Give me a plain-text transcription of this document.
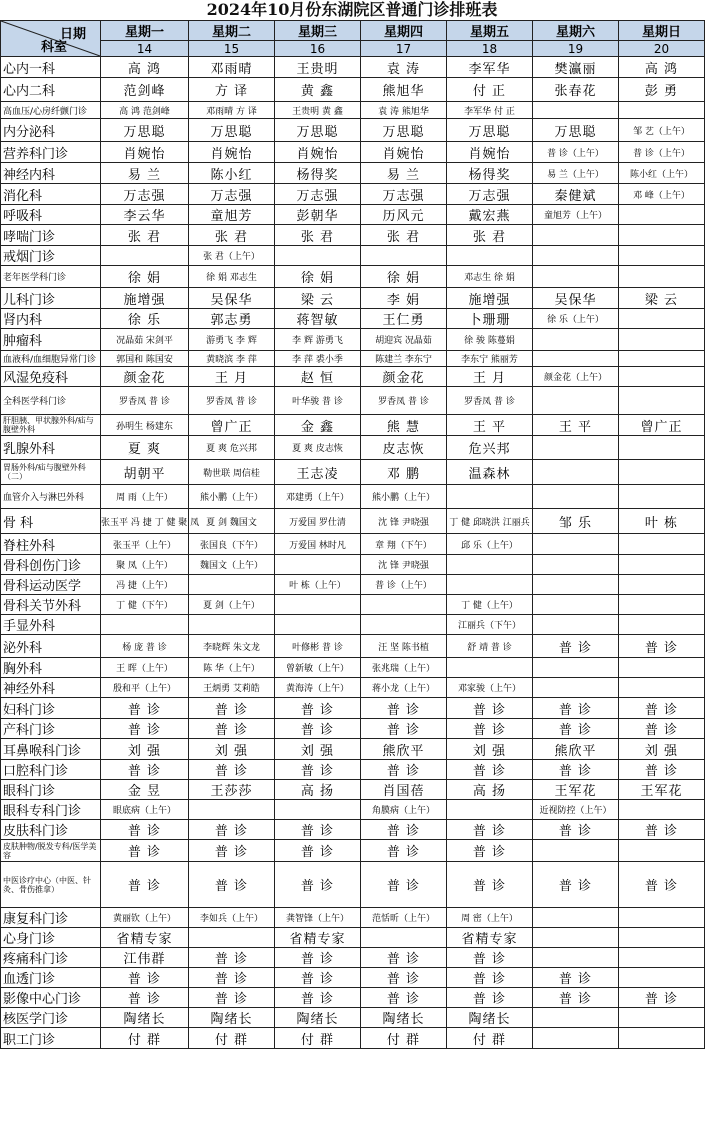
2024年10月份东湖院区普通门诊排班表
日期
科室	星期一	星期二	星期三	星期四	星期五	星期六	星期日
	14	15	16	17	18	19	20
心内一科	高 鸿	邓雨晴	王贵明	袁 涛	李军华	樊瀛丽	高 鸿
心内二科	范剑峰	方 译	黄 鑫	熊旭华	付 正	张春花	彭 勇
高血压/心房纤颤门诊	高 鸿 范剑峰	邓雨晴 方 译	王贵明 黄 鑫	袁 涛 熊旭华	李军华 付 正		
内分泌科	万思聪	万思聪	万思聪	万思聪	万思聪	万思聪	邹 艺（上午）
营养科门诊	肖婉怡	肖婉怡	肖婉怡	肖婉怡	肖婉怡	普 诊（上午）	普 诊（上午）
神经内科	易 兰	陈小红	杨得奖	易 兰	杨得奖	易 兰（上午）	陈小红（上午）
消化科	万志强	万志强	万志强	万志强	万志强	秦健斌	邓 峰（上午）
呼吸科	李云华	童旭芳	彭朝华	历风元	戴宏燕	童旭芳（上午）	
哮喘门诊	张 君	张 君	张 君	张 君	张 君		
戒烟门诊		张 君（上午）					
老年医学科门诊	徐 娟	徐 娟 邓志生	徐 娟	徐 娟	邓志生 徐 娟		
儿科门诊	施增强	吴保华	梁 云	李 娟	施增强	吴保华	梁 云
肾内科	徐 乐	郭志勇	蒋智敏	王仁勇	卜珊珊	徐 乐（上午）	
肿瘤科	况晶茹 宋剑平	游勇飞 李 辉	李 辉 游勇飞	胡迎宾 况晶茹	徐 骏 陈蔓娟		
血液科/血细胞异常门诊	郭国和 陈国安	黄晓滨 李 萍	李 萍 裘小季	陈建兰 李东宁	李东宁 熊丽芳		
风湿免疫科	颜金花	王 月	赵 恒	颜金花	王 月	颜金花（上午）	
全科医学科门诊	罗香凤 普 诊	罗香凤 普 诊	叶华骏 普 诊	罗香凤 普 诊	罗香凤 普 诊		
肝胆胰、甲状腺外科/疝与腹壁外科	孙明生 杨建东	曾广正	金 鑫	熊 慧	王 平	王 平	曾广正
乳腺外科	夏 爽	夏 爽 危兴邦	夏 爽 皮志恢	皮志恢	危兴邦		
胃肠外科/疝与腹壁外科（二）	胡朝平	勒世联 周信桂	王志凌	邓 鹏	温森林		
血管介入与淋巴外科	周 雨（上午）	熊小鹏（上午）	邓建勇（上午）	熊小鹏（上午）			
骨 科	张玉平 冯 捷 丁 健 聚 凤	夏 剑 魏国文	万爱国 罗仕清	沈 锋 尹晓强	丁 健 邱晓洪 江丽兵	邹 乐	叶 栋
脊柱外科	张玉平（上午）	张国良（下午）	万爱国 林时凡	章 翔（下午）	邱 乐（上午）		
骨科创伤门诊	聚 凤（上午）	魏国文（上午）		沈 锋 尹晓强			
骨科运动医学	冯 捷（上午）		叶 栋（上午）	普 诊（上午）			
骨科关节外科	丁 健（下午）	夏 剑（上午）			丁 健（上午）		
手显外科					江丽兵（下午）		
泌外科	杨 庞 普 诊	李晓辉 朱文龙	叶修彬 普 诊	汪 坚 陈书植	舒 靖 普 诊	普 诊	普 诊
胸外科	王 晖（上午）	陈 华（上午）	曾新敏（上午）	张兆瑞（上午）			
神经外科	殷和平（上午）	王炳勇 艾莉皓	黄海涛（上午）	蒋小龙（上午）	邓家骏（上午）		
妇科门诊	普 诊	普 诊	普 诊	普 诊	普 诊	普 诊	普 诊
产科门诊	普 诊	普 诊	普 诊	普 诊	普 诊	普 诊	普 诊
耳鼻喉科门诊	刘 强	刘 强	刘 强	熊欣平	刘 强	熊欣平	刘 强
口腔科门诊	普 诊	普 诊	普 诊	普 诊	普 诊	普 诊	普 诊
眼科门诊	金 昱	王莎莎	高 扬	肖国蓓	高 扬	王军花	王军花
眼科专科门诊	眼底病（上午）			角膜病（上午）		近视防控（上午）	
皮肤科门诊	普 诊	普 诊	普 诊	普 诊	普 诊	普 诊	普 诊
皮肤肿物/脱发专科/医学美容	普 诊	普 诊	普 诊	普 诊	普 诊		
中医诊疗中心（中医、针灸、骨伤推拿）	普 诊	普 诊	普 诊	普 诊	普 诊	普 诊	普 诊
康复科门诊	黄丽钦（上午）	李如兵（上午）	龚智锋（上午）	范恬昕（上午）	周 密（上午）		
心身门诊	省精专家		省精专家		省精专家		
疼痛科门诊	江伟群	普 诊	普 诊	普 诊	普 诊		
血透门诊	普 诊	普 诊	普 诊	普 诊	普 诊	普 诊	
影像中心门诊	普 诊	普 诊	普 诊	普 诊	普 诊	普 诊	普 诊
核医学门诊	陶绪长	陶绪长	陶绪长	陶绪长	陶绪长		
职工门诊	付 群	付 群	付 群	付 群	付 群		
